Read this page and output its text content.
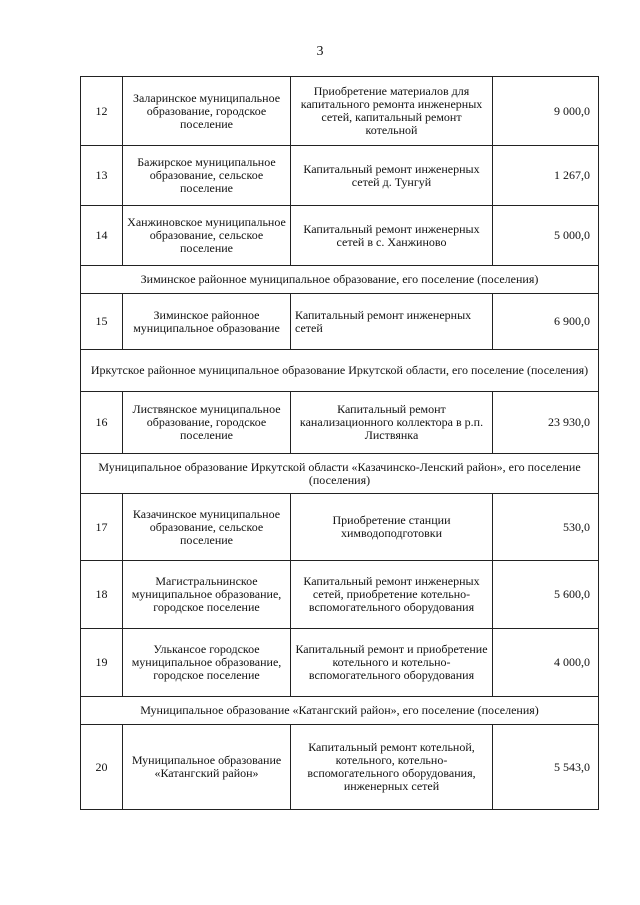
3
12	Заларинское муниципальное образование, городское поселение	Приобретение материалов для капитального ремонта инженерных сетей, капитальный ремонт котельной	9 000,0
13	Бажирское муниципальное образование, сельское поселение	Капитальный ремонт инженерных сетей д. Тунгуй	1 267,0
14	Ханжиновское муниципальное образование, сельское поселение	Капитальный ремонт инженерных сетей в с. Ханжиново	5 000,0
Зиминское районное муниципальное образование, его поселение (поселения)			
15	Зиминское районное муниципальное образование	Капитальный ремонт инженерных сетей	6 900,0
Иркутское районное муниципальное образование Иркутской области, его поселение (поселения)			
16	Листвянское муниципальное образование, городское поселение	Капитальный ремонт канализационного коллектора в р.п. Листвянка	23 930,0
Муниципальное образование Иркутской области «Казачинско-Ленский район», его поселение (поселения)			
17	Казачинское муниципальное образование, сельское поселение	Приобретение станции химводоподготовки	530,0
18	Магистральнинское муниципальное образование, городское поселение	Капитальный ремонт инженерных сетей, приобретение котельно-вспомогательного оборудования	5 600,0
19	Улькансое городское муниципальное образование, городское поселение	Капитальный ремонт и приобретение котельного и котельно-вспомогательного оборудования	4 000,0
Муниципальное образование «Катангский район», его поселение (поселения)			
20	Муниципальное образование «Катангский район»	Капитальный ремонт котельной, котельного, котельно-вспомогательного оборудования, инженерных сетей	5 543,0
